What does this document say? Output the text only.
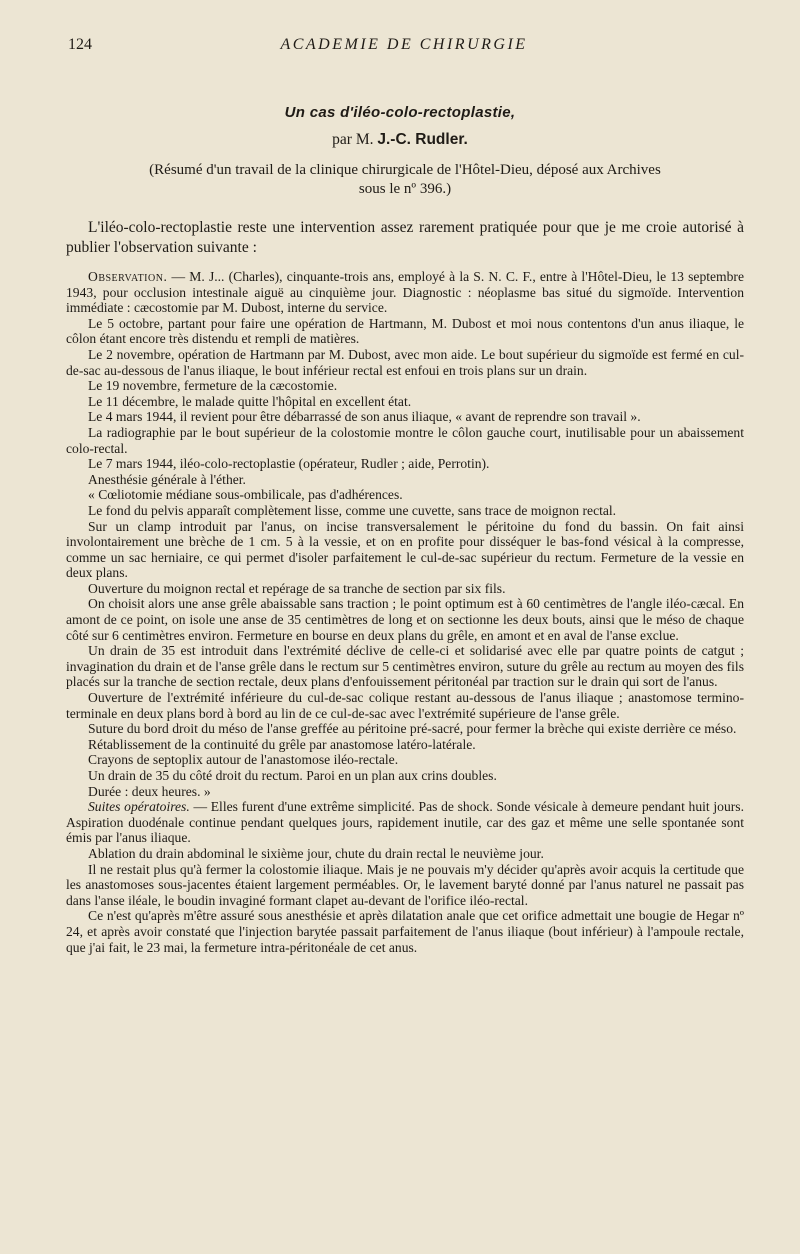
124	ACADEMIE DE CHIRURGIE
Un cas d'iléo-colo-rectoplastie,
par M. J.-C. Rudler.
(Résumé d'un travail de la clinique chirurgicale de l'Hôtel-Dieu, déposé aux Archives sous le nº 396.)
L'iléo-colo-rectoplastie reste une intervention assez rarement pratiquée pour que je me croie autorisé à publier l'observation suivante :

Observation. — M. J... (Charles), cinquante-trois ans, employé à la S. N. C. F., entre à l'Hôtel-Dieu, le 13 septembre 1943, pour occlusion intestinale aiguë au cinquième jour. Diagnostic : néoplasme bas situé du sigmoïde. Intervention immédiate : cæcostomie par M. Dubost, interne du service.

Le 5 octobre, partant pour faire une opération de Hartmann, M. Dubost et moi nous contentons d'un anus iliaque, le côlon étant encore très distendu et rempli de matières.

Le 2 novembre, opération de Hartmann par M. Dubost, avec mon aide. Le bout supérieur du sigmoïde est fermé en cul-de-sac au-dessous de l'anus iliaque, le bout inférieur rectal est enfoui en trois plans sur un drain.

Le 19 novembre, fermeture de la cæcostomie.

Le 11 décembre, le malade quitte l'hôpital en excellent état.

Le 4 mars 1944, il revient pour être débarrassé de son anus iliaque, « avant de reprendre son travail ».

La radiographie par le bout supérieur de la colostomie montre le côlon gauche court, inutilisable pour un abaissement colo-rectal.

Le 7 mars 1944, iléo-colo-rectoplastie (opérateur, Rudler ; aide, Perrotin).

Anesthésie générale à l'éther.

« Cœliotomie médiane sous-ombilicale, pas d'adhérences.

Le fond du pelvis apparaît complètement lisse, comme une cuvette, sans trace de moignon rectal.

Sur un clamp introduit par l'anus, on incise transversalement le péritoine du fond du bassin. On fait ainsi involontairement une brèche de 1 cm. 5 à la vessie, et on en profite pour disséquer le bas-fond vésical à la compresse, comme un sac herniaire, ce qui permet d'isoler parfaitement le cul-de-sac supérieur du rectum. Fermeture de la vessie en deux plans.

Ouverture du moignon rectal et repérage de sa tranche de section par six fils.

On choisit alors une anse grêle abaissable sans traction ; le point optimum est à 60 centimètres de l'angle iléo-cæcal. En amont de ce point, on isole une anse de 35 centimètres de long et on sectionne les deux bouts, ainsi que le méso de chaque côté sur 6 centimètres environ. Fermeture en bourse en deux plans du grêle, en amont et en aval de l'anse exclue.

Un drain de 35 est introduit dans l'extrémité déclive de celle-ci et solidarisé avec elle par quatre points de catgut ; invagination du drain et de l'anse grêle dans le rectum sur 5 centimètres environ, suture du grêle au rectum au moyen des fils placés sur la tranche de section rectale, deux plans d'enfouissement péritonéal par traction sur le drain qui sort de l'anus.

Ouverture de l'extrémité inférieure du cul-de-sac colique restant au-dessous de l'anus iliaque ; anastomose termino-terminale en deux plans bord à bord au lin de ce cul-de-sac avec l'extrémité supérieure de l'anse grêle.

Suture du bord droit du méso de l'anse greffée au péritoine pré-sacré, pour fermer la brèche qui existe derrière ce méso.

Rétablissement de la continuité du grêle par anastomose latéro-latérale.

Crayons de septoplix autour de l'anastomose iléo-rectale.

Un drain de 35 du côté droit du rectum. Paroi en un plan aux crins doubles.

Durée : deux heures. »

Suites opératoires. — Elles furent d'une extrême simplicité. Pas de shock. Sonde vésicale à demeure pendant huit jours. Aspiration duodénale continue pendant quelques jours, rapidement inutile, car des gaz et même une selle spontanée sont émis par l'anus iliaque.

Ablation du drain abdominal le sixième jour, chute du drain rectal le neuvième jour.

Il ne restait plus qu'à fermer la colostomie iliaque. Mais je ne pouvais m'y décider qu'après avoir acquis la certitude que les anastomoses sous-jacentes étaient largement perméables. Or, le lavement baryté donné par l'anus naturel ne passait pas dans l'anse iléale, le boudin invaginé formant clapet au-devant de l'orifice iléo-rectal.

Ce n'est qu'après m'être assuré sous anesthésie et après dilatation anale que cet orifice admettait une bougie de Hegar nº 24, et après avoir constaté que l'injection barytée passait parfaitement de l'anus iliaque (bout inférieur) à l'ampoule rectale, que j'ai fait, le 23 mai, la fermeture intra-péritonéale de cet anus.
